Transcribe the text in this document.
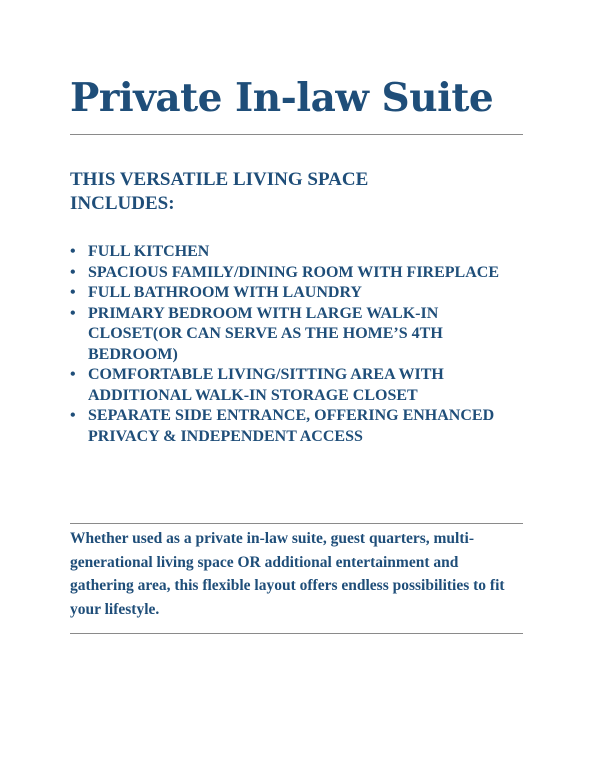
Private In-law Suite
THIS VERSATILE LIVING SPACE INCLUDES:
• FULL KITCHEN
• SPACIOUS FAMILY/DINING ROOM WITH FIREPLACE
• FULL BATHROOM WITH LAUNDRY
• PRIMARY BEDROOM WITH LARGE WALK-IN CLOSET(OR CAN SERVE AS THE HOME’S 4TH BEDROOM)
• COMFORTABLE LIVING/SITTING AREA WITH ADDITIONAL WALK-IN STORAGE CLOSET
• SEPARATE SIDE ENTRANCE, OFFERING ENHANCED PRIVACY & INDEPENDENT ACCESS

Whether used as a private in-law suite, guest quarters, multi-generational living space OR additional entertainment and gathering area, this flexible layout offers endless possibilities to fit your lifestyle.
